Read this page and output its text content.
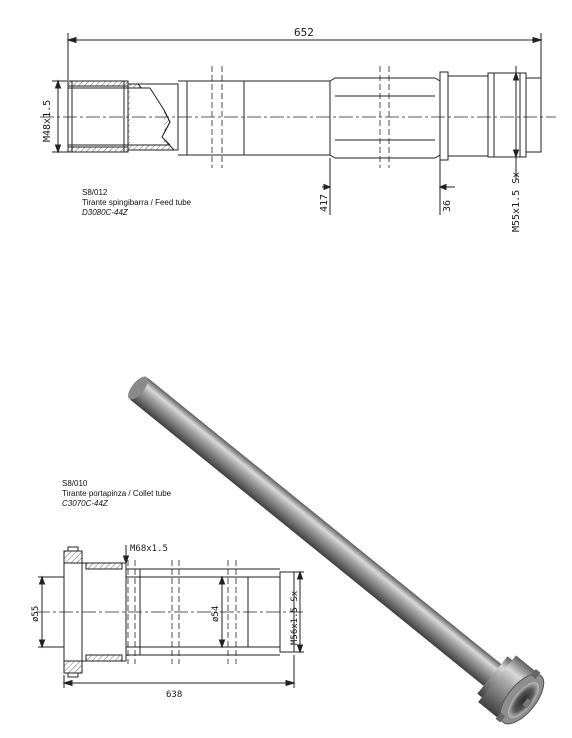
652
M48x1.5
417	36	M55x1.5 Sx
M68x1.5
ø55	ø54	M56x1.5 Sx
638
S8/012
Tirante spingibarra / Feed tube
D3080C-44Z
S8/010
Tirante portapinza / Collet tube
C3070C-44Z
